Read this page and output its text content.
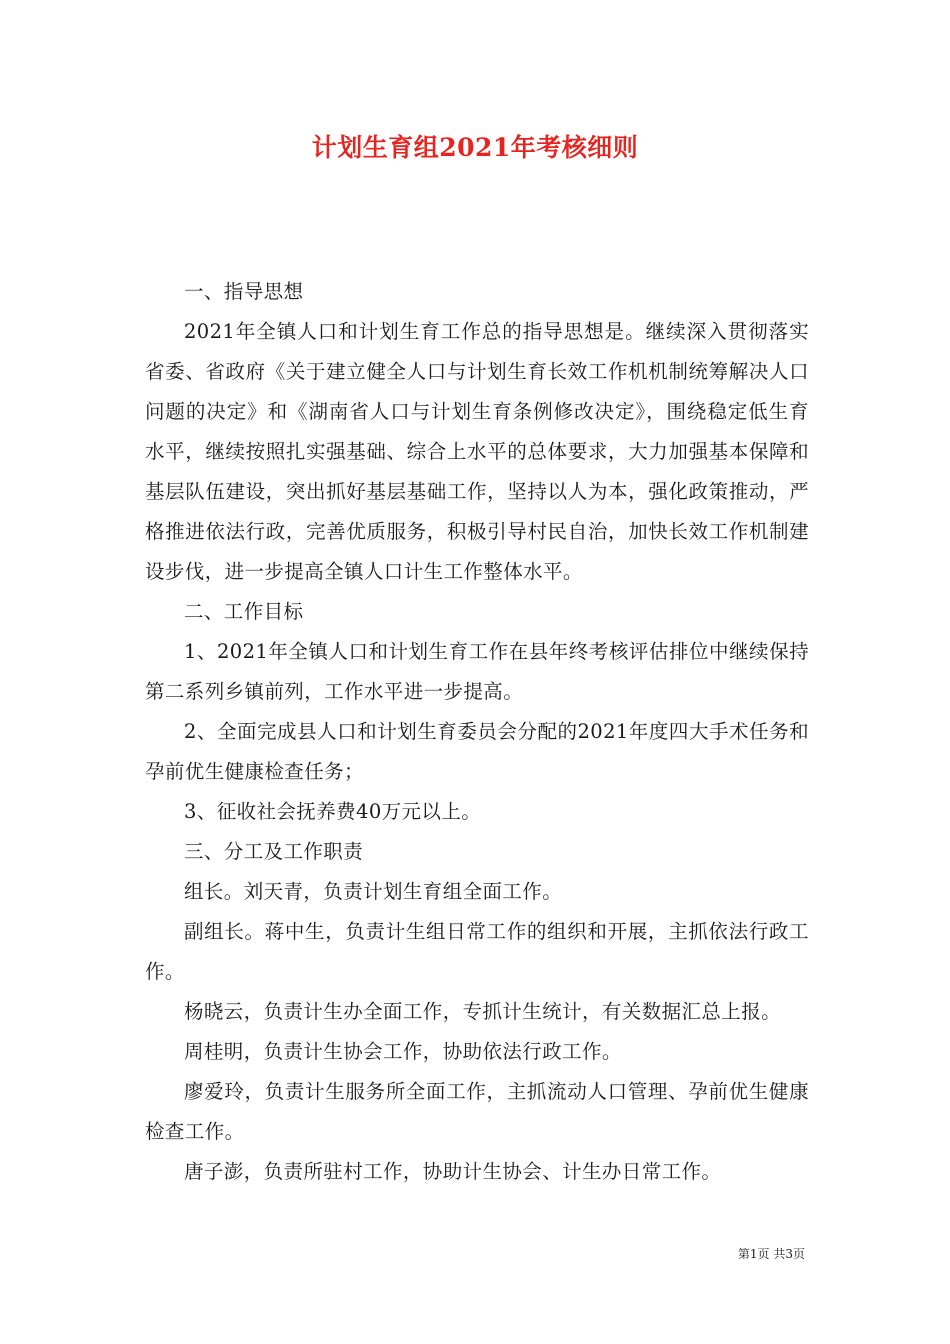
计划生育组2021年考核细则

一、指导思想

2021年全镇人口和计划生育工作总的指导思想是。继续深入贯彻落实省委、省政府《关于建立健全人口与计划生育长效工作机机制统筹解决人口问题的决定》和《湖南省人口与计划生育条例修改决定》，围绕稳定低生育水平，继续按照扎实强基础、综合上水平的总体要求，大力加强基本保障和基层队伍建设，突出抓好基层基础工作，坚持以人为本，强化政策推动，严格推进依法行政，完善优质服务，积极引导村民自治，加快长效工作机制建设步伐，进一步提高全镇人口计生工作整体水平。

二、工作目标

1、2021年全镇人口和计划生育工作在县年终考核评估排位中继续保持第二系列乡镇前列，工作水平进一步提高。

2、全面完成县人口和计划生育委员会分配的2021年度四大手术任务和孕前优生健康检查任务；

3、征收社会抚养费40万元以上。

三、分工及工作职责

组长。刘天青，负责计划生育组全面工作。

副组长。蒋中生，负责计生组日常工作的组织和开展，主抓依法行政工作。

杨晓云，负责计生办全面工作，专抓计生统计，有关数据汇总上报。

周桂明，负责计生协会工作，协助依法行政工作。

廖爱玲，负责计生服务所全面工作，主抓流动人口管理、孕前优生健康检查工作。

唐子澎，负责所驻村工作，协助计生协会、计生办日常工作。

第1页 共3页
